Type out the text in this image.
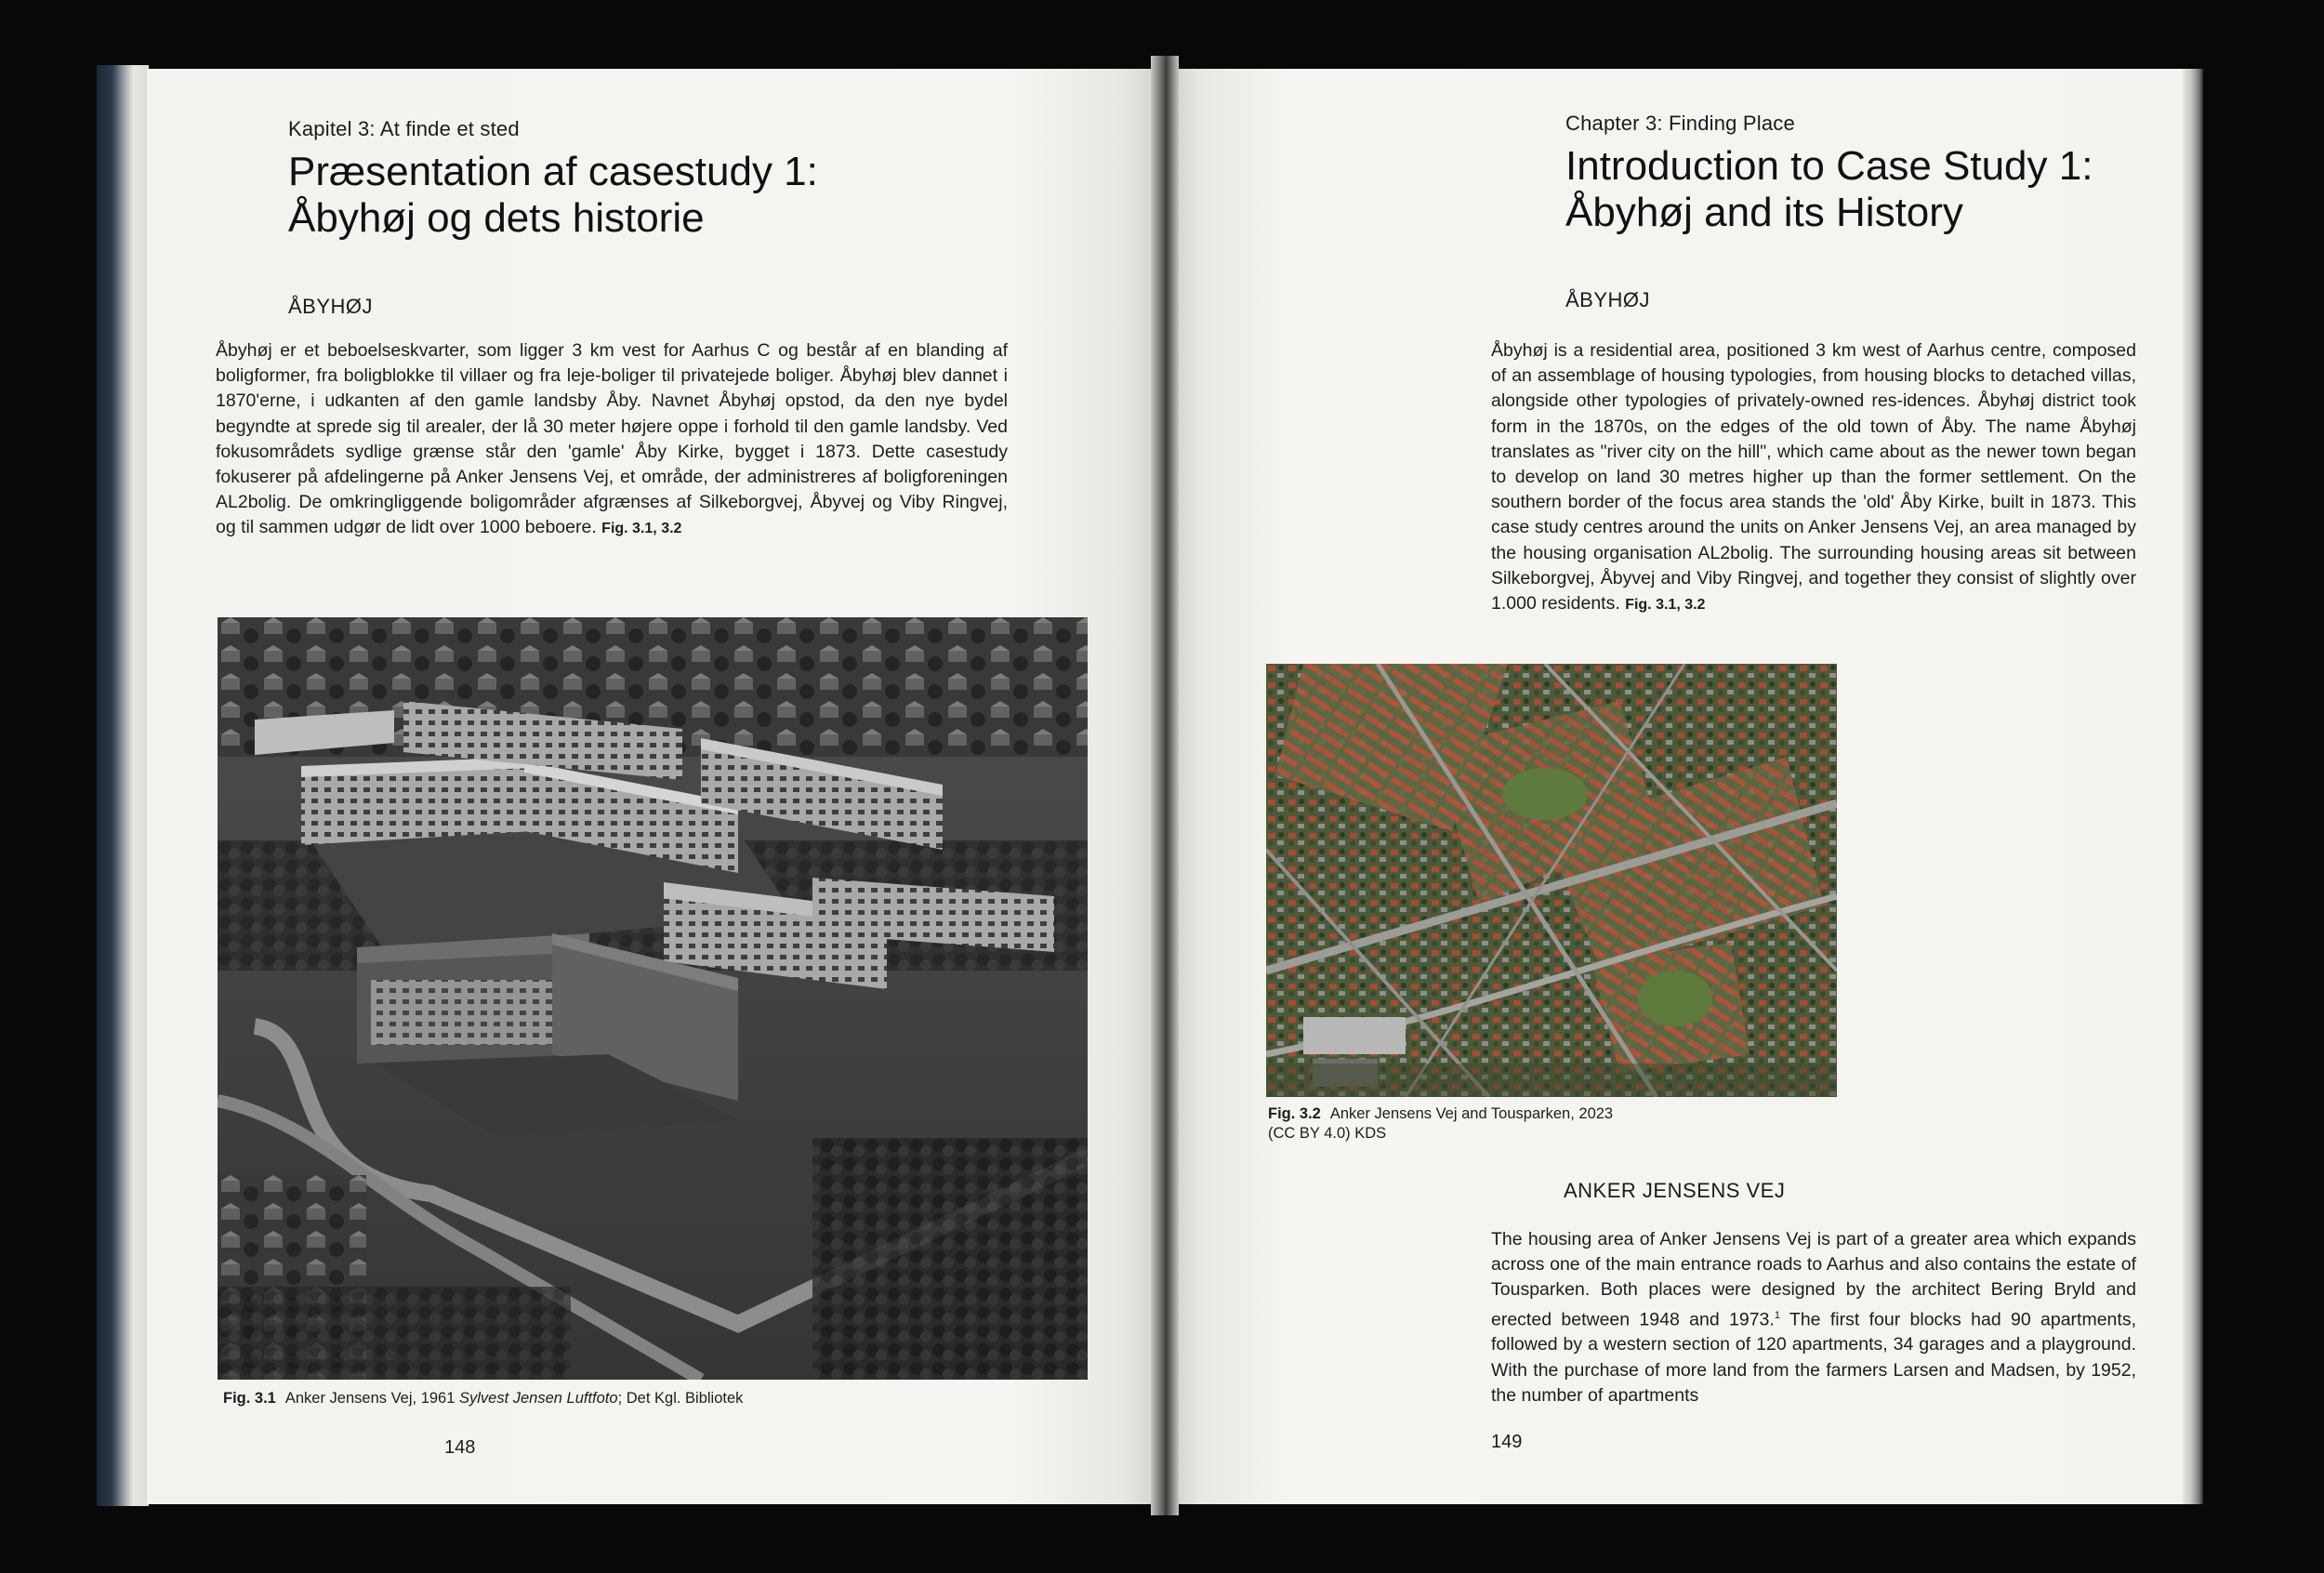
Kapitel 3: At finde et sted
Præsentation af casestudy 1:
Åbyhøj og dets historie
ÅBYHØJ

Åbyhøj er et beboelseskvarter, som ligger 3 km vest for Aarhus C og består af en blanding af boligformer, fra boligblokke til villaer og fra leje-boliger til privatejede boliger. Åbyhøj blev dannet i 1870'erne, i udkanten af den gamle landsby Åby. Navnet Åbyhøj opstod, da den nye bydel begyndte at sprede sig til arealer, der lå 30 meter højere oppe i forhold til den gamle landsby. Ved fokusområdets sydlige grænse står den 'gamle' Åby Kirke, bygget i 1873. Dette casestudy fokuserer på afdelingerne på Anker Jensens Vej, et område, der administreres af boligforeningen AL2bolig. De omkringliggende boligområder afgrænses af Silkeborgvej, Åbyvej og Viby Ringvej, og til sammen udgør de lidt over 1000 beboere. Fig. 3.1, 3.2

Fig. 3.1 Anker Jensens Vej, 1961 Sylvest Jensen Luftfoto; Det Kgl. Bibliotek
148
Chapter 3: Finding Place
Introduction to Case Study 1:
Åbyhøj and its History
ÅBYHØJ

Åbyhøj is a residential area, positioned 3 km west of Aarhus centre, composed of an assemblage of housing typologies, from housing blocks to detached villas, alongside other typologies of privately-owned res-idences. Åbyhøj district took form in the 1870s, on the edges of the old town of Åby. The name Åbyhøj translates as "river city on the hill", which came about as the newer town began to develop on land 30 metres higher up than the former settlement. On the southern border of the focus area stands the 'old' Åby Kirke, built in 1873. This case study centres around the units on Anker Jensens Vej, an area managed by the housing organisation AL2bolig. The surrounding housing areas sit between Silkeborgvej, Åbyvej and Viby Ringvej, and together they consist of slightly over 1.000 residents. Fig. 3.1, 3.2

Fig. 3.2 Anker Jensens Vej and Tousparken, 2023
(CC BY 4.0) KDS
ANKER JENSENS VEJ

The housing area of Anker Jensens Vej is part of a greater area which expands across one of the main entrance roads to Aarhus and also contains the estate of Tousparken. Both places were designed by the architect Bering Bryld and erected between 1948 and 1973.$^1$ The first four blocks had 90 apartments, followed by a western section of 120 apartments, 34 garages and a playground. With the purchase of more land from the farmers Larsen and Madsen, by 1952, the number of apartments

149
